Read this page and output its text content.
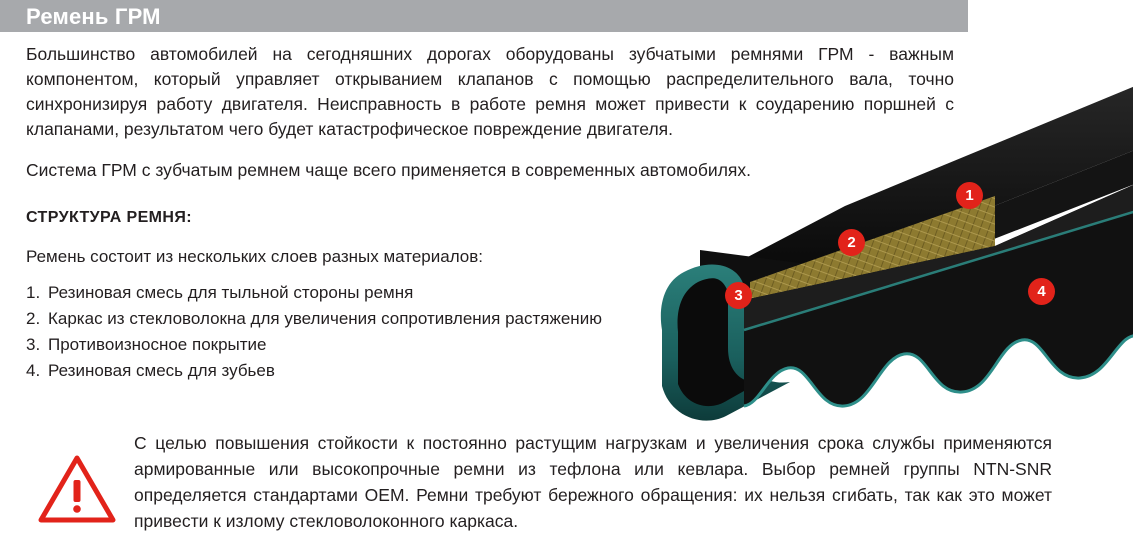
Ремень ГРМ
1
2
3	4

Большинство автомобилей на сегодняшних дорогах оборудованы зубчатыми ремнями ГРМ - важным компонентом, который управляет открыванием клапанов с помощью распределительного вала, точно синхронизируя работу двигателя. Неисправность в работе ремня может привести к соударению поршней с клапанами, результатом чего будет катастрофическое повреждение двигателя.

Система ГРМ с зубчатым ремнем чаще всего применяется в современных автомобилях.

СТРУКТУРА РЕМНЯ:

Ремень состоит из нескольких слоев разных материалов:

1. Резиновая смесь для тыльной стороны ремня
2. Каркас из стекловолокна для увеличения сопротивления растяжению
3. Противоизносное покрытие
4. Резиновая смесь для зубьев
С целью повышения стойкости к постоянно растущим нагрузкам и увеличения срока службы применяются армированные или высокопрочные ремни из тефлона или кевлара. Выбор ремней группы NTN-SNR определяется стандартами OEM. Ремни требуют бережного обращения: их нельзя сгибать, так как это может привести к излому стекловолоконного каркаса.
